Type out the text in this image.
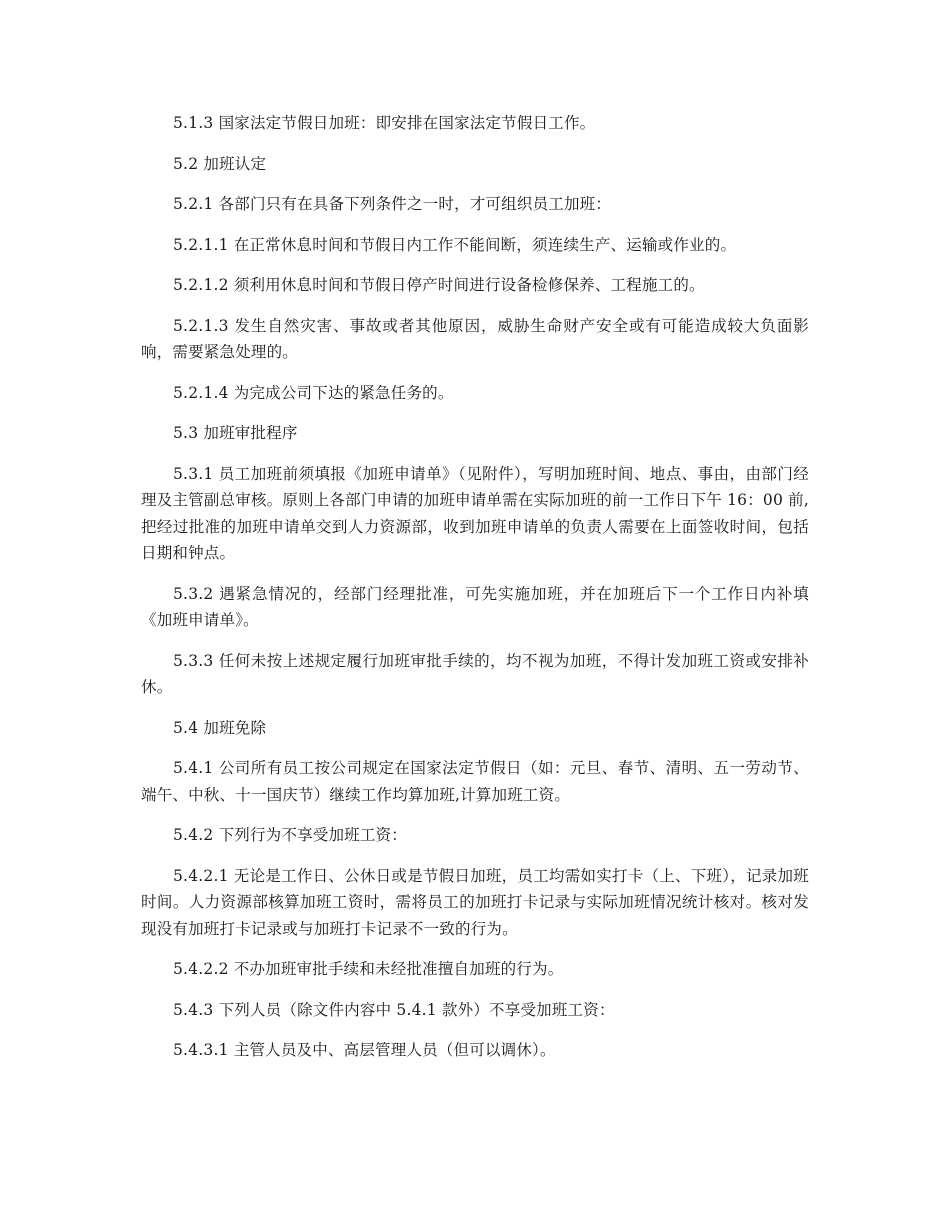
5.1.3 国家法定节假日加班：即安排在国家法定节假日工作。

5.2 加班认定

5.2.1 各部门只有在具备下列条件之一时，才可组织员工加班：

5.2.1.1 在正常休息时间和节假日内工作不能间断，须连续生产、运输或作业的。

5.2.1.2 须利用休息时间和节假日停产时间进行设备检修保养、工程施工的。

5.2.1.3 发生自然灾害、事故或者其他原因，威胁生命财产安全或有可能造成较大负面影响，需要紧急处理的。

5.2.1.4 为完成公司下达的紧急任务的。

5.3 加班审批程序

5.3.1 员工加班前须填报《加班申请单》（见附件），写明加班时间、地点、事由，由部门经理及主管副总审核。原则上各部门申请的加班申请单需在实际加班的前一工作日下午 16：00 前,把经过批准的加班申请单交到人力资源部，收到加班申请单的负责人需要在上面签收时间，包括日期和钟点。

5.3.2 遇紧急情况的，经部门经理批准，可先实施加班，并在加班后下一个工作日内补填《加班申请单》。

5.3.3 任何未按上述规定履行加班审批手续的，均不视为加班，不得计发加班工资或安排补休。

5.4 加班免除

5.4.1 公司所有员工按公司规定在国家法定节假日（如：元旦、春节、清明、五一劳动节、端午、中秋、十一国庆节）继续工作均算加班,计算加班工资。

5.4.2 下列行为不享受加班工资：

5.4.2.1 无论是工作日、公休日或是节假日加班，员工均需如实打卡（上、下班），记录加班时间。人力资源部核算加班工资时，需将员工的加班打卡记录与实际加班情况统计核对。核对发现没有加班打卡记录或与加班打卡记录不一致的行为。

5.4.2.2 不办加班审批手续和未经批准擅自加班的行为。

5.4.3 下列人员（除文件内容中 5.4.1 款外）不享受加班工资：

5.4.3.1 主管人员及中、高层管理人员（但可以调休）。
